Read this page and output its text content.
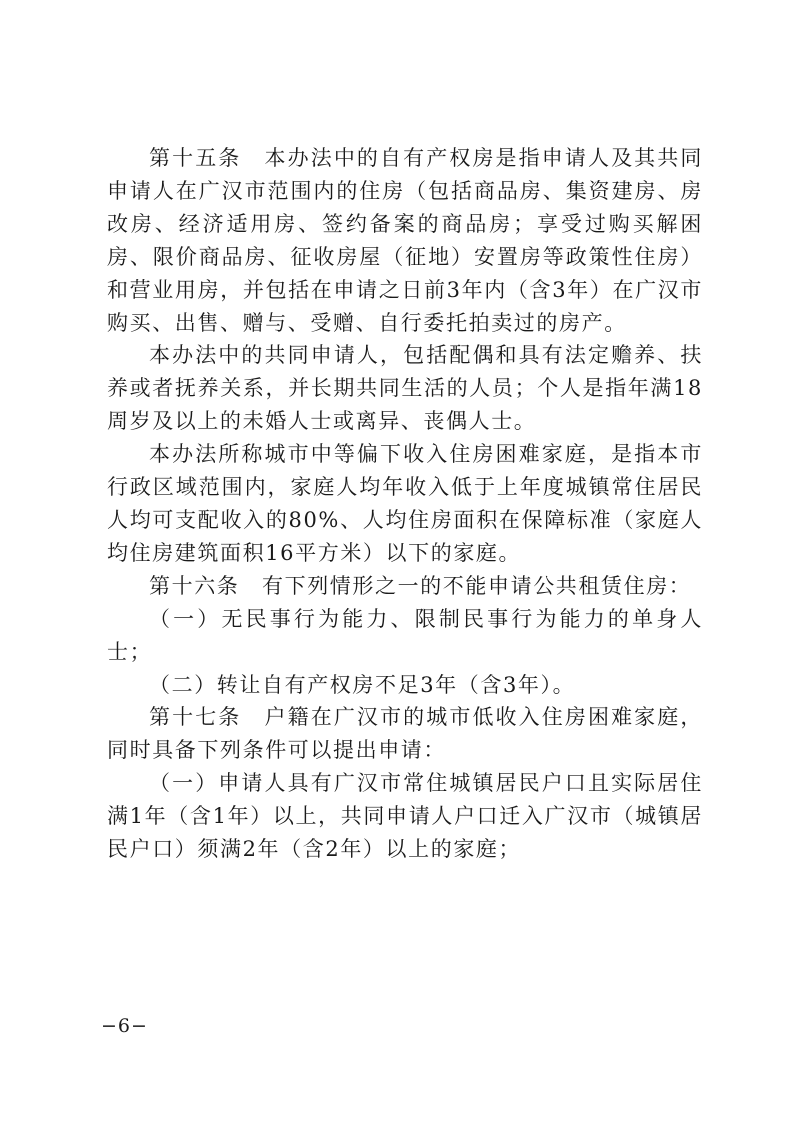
第十五条　本办法中的自有产权房是指申请人及其共同申请人在广汉市范围内的住房（包括商品房、集资建房、房改房、经济适用房、签约备案的商品房；享受过购买解困房、限价商品房、征收房屋（征地）安置房等政策性住房）和营业用房，并包括在申请之日前3年内（含3年）在广汉市购买、出售、赠与、受赠、自行委托拍卖过的房产。

本办法中的共同申请人，包括配偶和具有法定赡养、扶养或者抚养关系，并长期共同生活的人员；个人是指年满18周岁及以上的未婚人士或离异、丧偶人士。

本办法所称城市中等偏下收入住房困难家庭，是指本市行政区域范围内，家庭人均年收入低于上年度城镇常住居民人均可支配收入的80%、人均住房面积在保障标准（家庭人均住房建筑面积16平方米）以下的家庭。

第十六条　有下列情形之一的不能申请公共租赁住房：

（一）无民事行为能力、限制民事行为能力的单身人士；

（二）转让自有产权房不足3年（含3年）。

第十七条　户籍在广汉市的城市低收入住房困难家庭，同时具备下列条件可以提出申请：

（一）申请人具有广汉市常住城镇居民户口且实际居住满1年（含1年）以上，共同申请人户口迁入广汉市（城镇居民户口）须满2年（含2年）以上的家庭；

−6−
